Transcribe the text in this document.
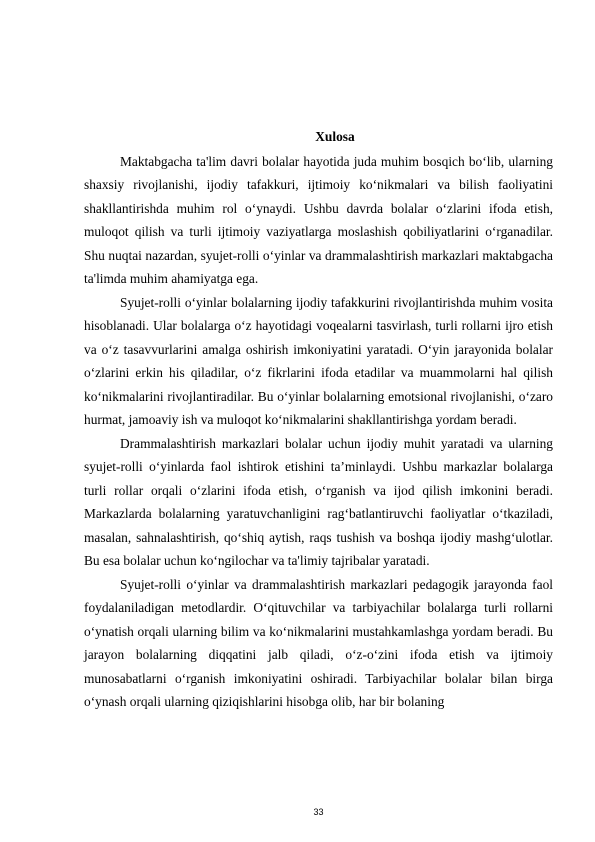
Xulosa

Maktabgacha ta'lim davri bolalar hayotida juda muhim bosqich bo‘lib, ularning shaxsiy rivojlanishi, ijodiy tafakkuri, ijtimoiy ko‘nikmalari va bilish faoliyatini shakllantirishda muhim rol o‘ynaydi. Ushbu davrda bolalar o‘zlarini ifoda etish, muloqot qilish va turli ijtimoiy vaziyatlarga moslashish qobiliyatlarini o‘rganadilar. Shu nuqtai nazardan, syujet-rolli o‘yinlar va drammalashtirish markazlari maktabgacha ta'limda muhim ahamiyatga ega.

Syujet-rolli o‘yinlar bolalarning ijodiy tafakkurini rivojlantirishda muhim vosita hisoblanadi. Ular bolalarga o‘z hayotidagi voqealarni tasvirlash, turli rollarni ijro etish va o‘z tasavvurlarini amalga oshirish imkoniyatini yaratadi. O‘yin jarayonida bolalar o‘zlarini erkin his qiladilar, o‘z fikrlarini ifoda etadilar va muammolarni hal qilish ko‘nikmalarini rivojlantiradilar. Bu o‘yinlar bolalarning emotsional rivojlanishi, o‘zaro hurmat, jamoaviy ish va muloqot ko‘nikmalarini shakllantirishga yordam beradi.

Drammalashtirish markazlari bolalar uchun ijodiy muhit yaratadi va ularning syujet-rolli o‘yinlarda faol ishtirok etishini ta’minlaydi. Ushbu markazlar bolalarga turli rollar orqali o‘zlarini ifoda etish, o‘rganish va ijod qilish imkonini beradi. Markazlarda bolalarning yaratuvchanligini rag‘batlantiruvchi faoliyatlar o‘tkaziladi, masalan, sahnalashtirish, qo‘shiq aytish, raqs tushish va boshqa ijodiy mashg‘ulotlar. Bu esa bolalar uchun ko‘ngilochar va ta'limiy tajribalar yaratadi.

Syujet-rolli o‘yinlar va drammalashtirish markazlari pedagogik jarayonda faol foydalaniladigan metodlardir. O‘qituvchilar va tarbiyachilar bolalarga turli rollarni o‘ynatish orqali ularning bilim va ko‘nikmalarini mustahkamlashga yordam beradi. Bu jarayon bolalarning diqqatini jalb qiladi, o‘z-o‘zini ifoda etish va ijtimoiy munosabatlarni o‘rganish imkoniyatini oshiradi. Tarbiyachilar bolalar bilan birga o‘ynash orqali ularning qiziqishlarini hisobga olib, har bir bolaning

33
